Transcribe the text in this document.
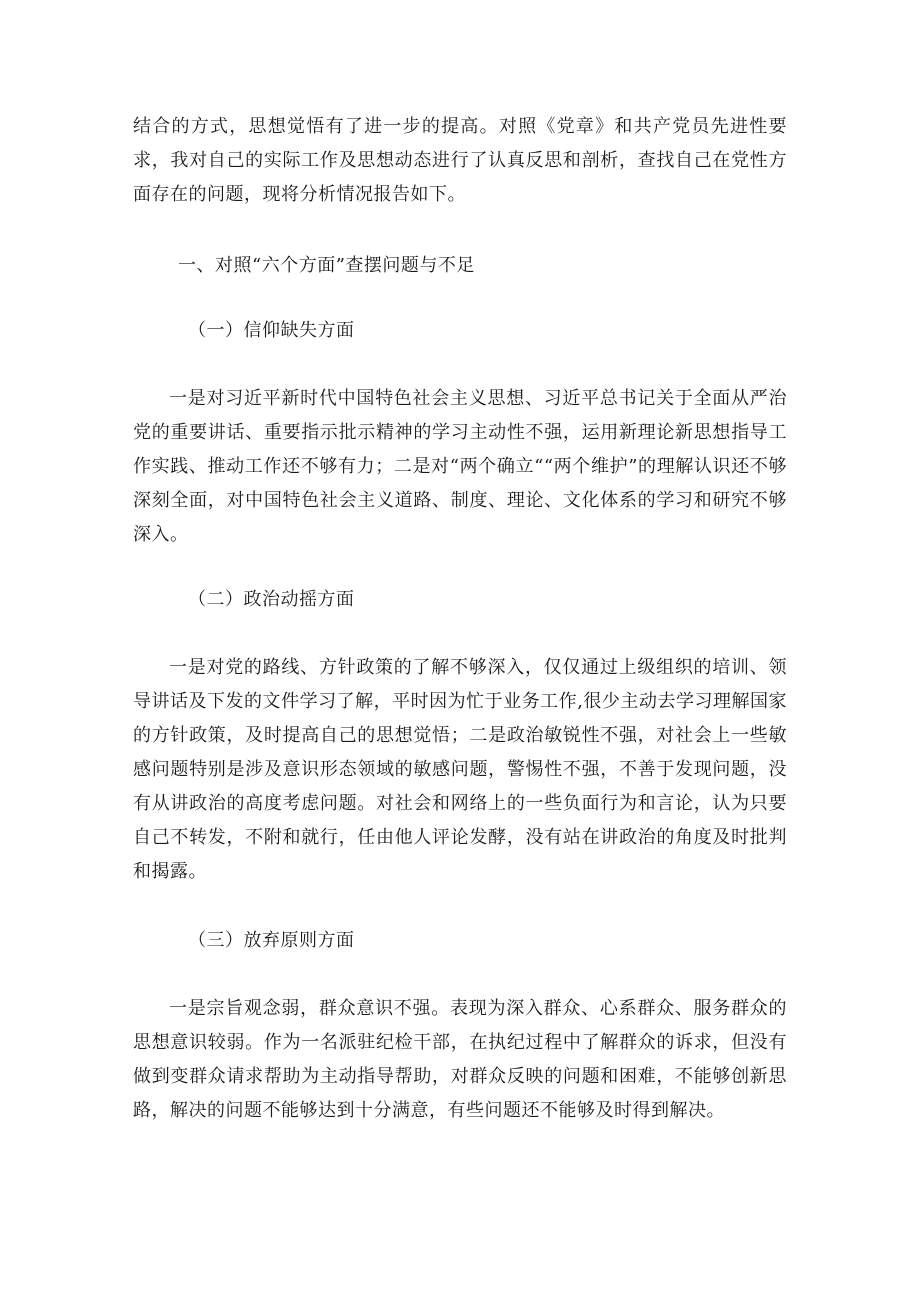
结合的方式，思想觉悟有了进一步的提高。对照《党章》和共产党员先进性要求，我对自己的实际工作及思想动态进行了认真反思和剖析，查找自己在党性方面存在的问题，现将分析情况报告如下。

一、对照“六个方面”查摆问题与不足

（一）信仰缺失方面

一是对习近平新时代中国特色社会主义思想、习近平总书记关于全面从严治党的重要讲话、重要指示批示精神的学习主动性不强，运用新理论新思想指导工作实践、推动工作还不够有力；二是对“两个确立““两个维护”的理解认识还不够深刻全面，对中国特色社会主义道路、制度、理论、文化体系的学习和研究不够深入。

（二）政治动摇方面

一是对党的路线、方针政策的了解不够深入，仅仅通过上级组织的培训、领导讲话及下发的文件学习了解，平时因为忙于业务工作,很少主动去学习理解国家的方针政策，及时提高自己的思想觉悟；二是政治敏锐性不强，对社会上一些敏感问题特别是涉及意识形态领域的敏感问题，警惕性不强，不善于发现问题，没有从讲政治的高度考虑问题。对社会和网络上的一些负面行为和言论，认为只要自己不转发，不附和就行，任由他人评论发酵，没有站在讲政治的角度及时批判和揭露。

（三）放弃原则方面

一是宗旨观念弱，群众意识不强。表现为深入群众、心系群众、服务群众的思想意识较弱。作为一名派驻纪检干部，在执纪过程中了解群众的诉求，但没有做到变群众请求帮助为主动指导帮助，对群众反映的问题和困难，不能够创新思路，解决的问题不能够达到十分满意，有些问题还不能够及时得到解决。
